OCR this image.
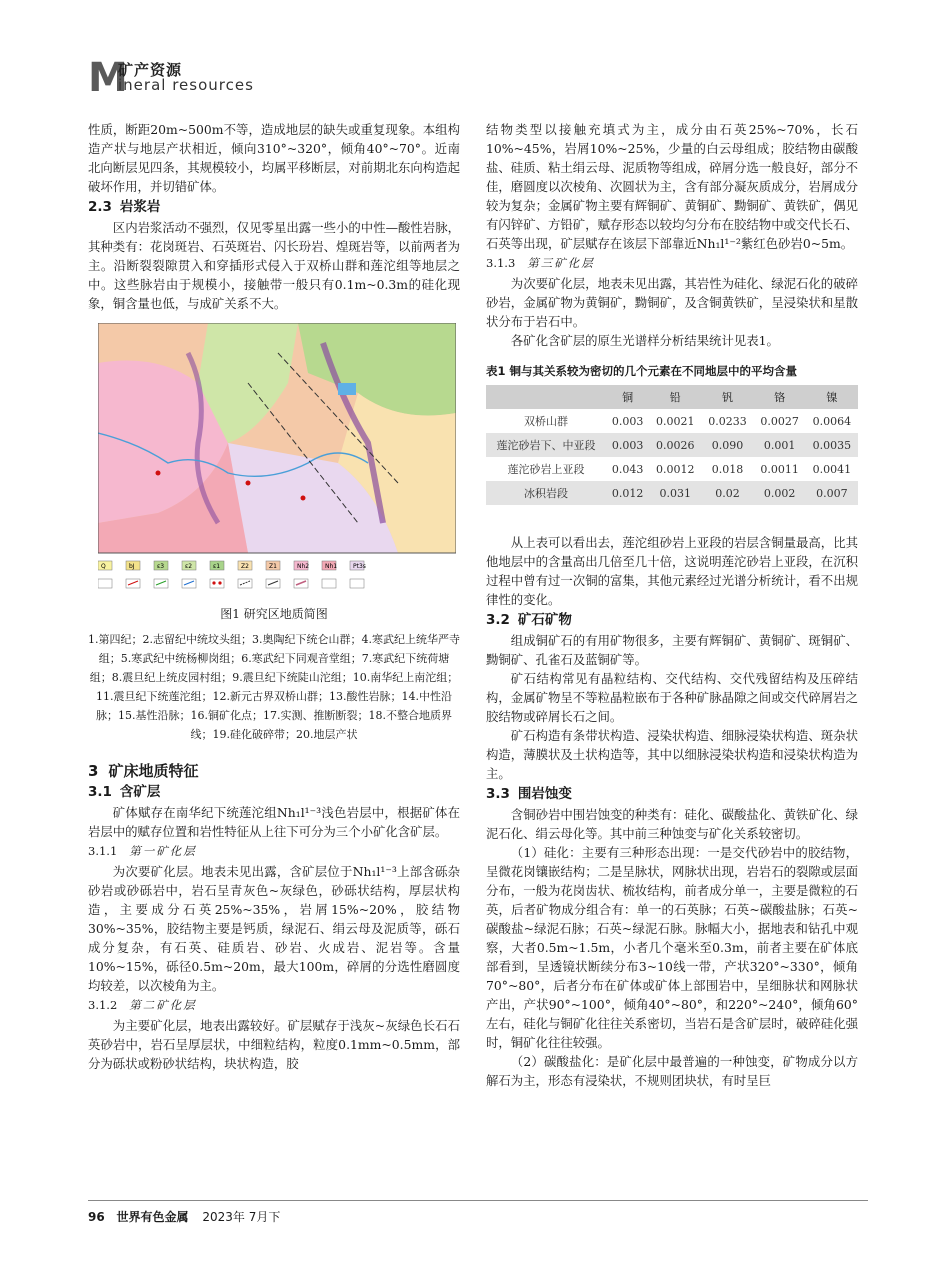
M
矿产资源
ineral resources

性质，断距20m~500m不等，造成地层的缺失或重复现象。本组构造产状与地层产状相近，倾向310°~320°，倾角40°~70°。近南北向断层见四条，其规模较小，均属平移断层，对前期北东向构造起破坏作用，并切错矿体。

2.3 岩浆岩

区内岩浆活动不强烈，仅见零星出露一些小的中性—酸性岩脉，其种类有：花岗斑岩、石英斑岩、闪长玢岩、煌斑岩等，以前两者为主。沿断裂裂隙贯入和穿插形式侵入于双桥山群和莲沱组等地层之中。这些脉岩由于规模小，接触带一般只有0.1m~0.3m的硅化现象，铜含量也低，与成矿关系不大。

Q	bJ	ε3	ε2	ε1	Z2	Z1	Nh2	Nh1	Pt3s
图1 研究区地质简图
1.第四纪；2.志留纪中统坟头组；3.奥陶纪下统仑山群；4.寒武纪上统华严寺组；5.寒武纪中统杨柳岗组；6.寒武纪下同观音堂组；7.寒武纪下统荷塘组；8.震旦纪上统皮园村组；9.震旦纪下统陡山沱组；10.南华纪上南沱组；11.震旦纪下统莲沱组；12.新元古界双桥山群；13.酸性岩脉；14.中性沿脉；15.基性沿脉；16.铜矿化点；17.实测、推断断裂；18.不整合地质界线；19.硅化破碎带；20.地层产状
3 矿床地质特征
3.1 含矿层

矿体赋存在南华纪下统莲沱组Nh₁l¹⁻³浅色岩层中，根据矿体在岩层中的赋存位置和岩性特征从上往下可分为三个小矿化含矿层。

3.1.1 第一矿化层

为次要矿化层。地表未见出露，含矿层位于Nh₁l¹⁻³上部含砾杂砂岩或砂砾岩中，岩石呈青灰色~灰绿色，砂砾状结构，厚层状构造，主要成分石英25%~35%，岩屑15%~20%，胶结物30%~35%，胶结物主要是钙质，绿泥石、绢云母及泥质等，砾石成分复杂，有石英、硅质岩、砂岩、火成岩、泥岩等。含量10%~15%，砾径0.5m~20m，最大100m，碎屑的分选性磨圆度均较差，以次棱角为主。

3.1.2 第二矿化层

为主要矿化层，地表出露较好。矿层赋存于浅灰~灰绿色长石石英砂岩中，岩石呈厚层状，中细粒结构，粒度0.1mm~0.5mm，部分为砾状或粉砂状结构，块状构造，胶

结物类型以接触充填式为主，成分由石英25%~70%，长石10%~45%，岩屑10%~25%，少量的白云母组成；胶结物由碳酸盐、硅质、粘土绢云母、泥质物等组成，碎屑分选一般良好，部分不佳，磨圆度以次棱角、次圆状为主，含有部分凝灰质成分，岩屑成分较为复杂；金属矿物主要有辉铜矿、黄铜矿、黝铜矿、黄铁矿，偶见有闪锌矿、方铅矿，赋存形态以较均匀分布在胶结物中或交代长石、石英等出现，矿层赋存在该层下部靠近Nh₁l¹⁻²紫红色砂岩0~5m。

3.1.3 第三矿化层

为次要矿化层，地表未见出露，其岩性为硅化、绿泥石化的破碎砂岩，金属矿物为黄铜矿，黝铜矿，及含铜黄铁矿，呈浸染状和星散状分布于岩石中。

各矿化含矿层的原生光谱样分析结果统计见表1。

表1 铜与其关系较为密切的几个元素在不同地层中的平均含量
	铜	铅	钒	铬	镍
双桥山群	0.003	0.0021	0.0233	0.0027	0.0064
莲沱砂岩下、中亚段	0.003	0.0026	0.090	0.001	0.0035
莲沱砂岩上亚段	0.043	0.0012	0.018	0.0011	0.0041
冰积岩段	0.012	0.031	0.02	0.002	0.007

从上表可以看出去，莲沱组砂岩上亚段的岩层含铜量最高，比其他地层中的含量高出几倍至几十倍，这说明莲沱砂岩上亚段，在沉积过程中曾有过一次铜的富集，其他元素经过光谱分析统计，看不出规律性的变化。

3.2 矿石矿物

组成铜矿石的有用矿物很多，主要有辉铜矿、黄铜矿、斑铜矿、黝铜矿、孔雀石及蓝铜矿等。

矿石结构常见有晶粒结构、交代结构、交代残留结构及压碎结构，金属矿物呈不等粒晶粒嵌布于各种矿脉晶隙之间或交代碎屑岩之胶结物或碎屑长石之间。

矿石构造有条带状构造、浸染状构造、细脉浸染状构造、斑杂状构造，薄膜状及土状构造等，其中以细脉浸染状构造和浸染状构造为主。

3.3 围岩蚀变

含铜砂岩中围岩蚀变的种类有：硅化、碳酸盐化、黄铁矿化、绿泥石化、绢云母化等。其中前三种蚀变与矿化关系较密切。

（1）硅化：主要有三种形态出现：一是交代砂岩中的胶结物，呈微花岗镶嵌结构；二是呈脉状，网脉状出现，岩岩石的裂隙或层面分布，一般为花岗齿状、梳妆结构，前者成分单一，主要是微粒的石英，后者矿物成分组合有：单一的石英脉；石英~碳酸盐脉；石英~碳酸盐~绿泥石脉；石英~绿泥石脉。脉幅大小，据地表和钻孔中观察，大者0.5m~1.5m，小者几个毫米至0.3m，前者主要在矿体底部看到，呈透镜状断续分布3~10线一带，产状320°~330°，倾角70°~80°，后者分布在矿体或矿体上部围岩中，呈细脉状和网脉状产出，产状90°~100°，倾角40°~80°，和220°~240°，倾角60°左右，硅化与铜矿化往往关系密切，当岩石是含矿层时，破碎硅化强时，铜矿化往往较强。

（2）碳酸盐化：是矿化层中最普遍的一种蚀变，矿物成分以方解石为主，形态有浸染状，不规则团块状，有时呈巨

96 世界有色金属 2023年 7月下
